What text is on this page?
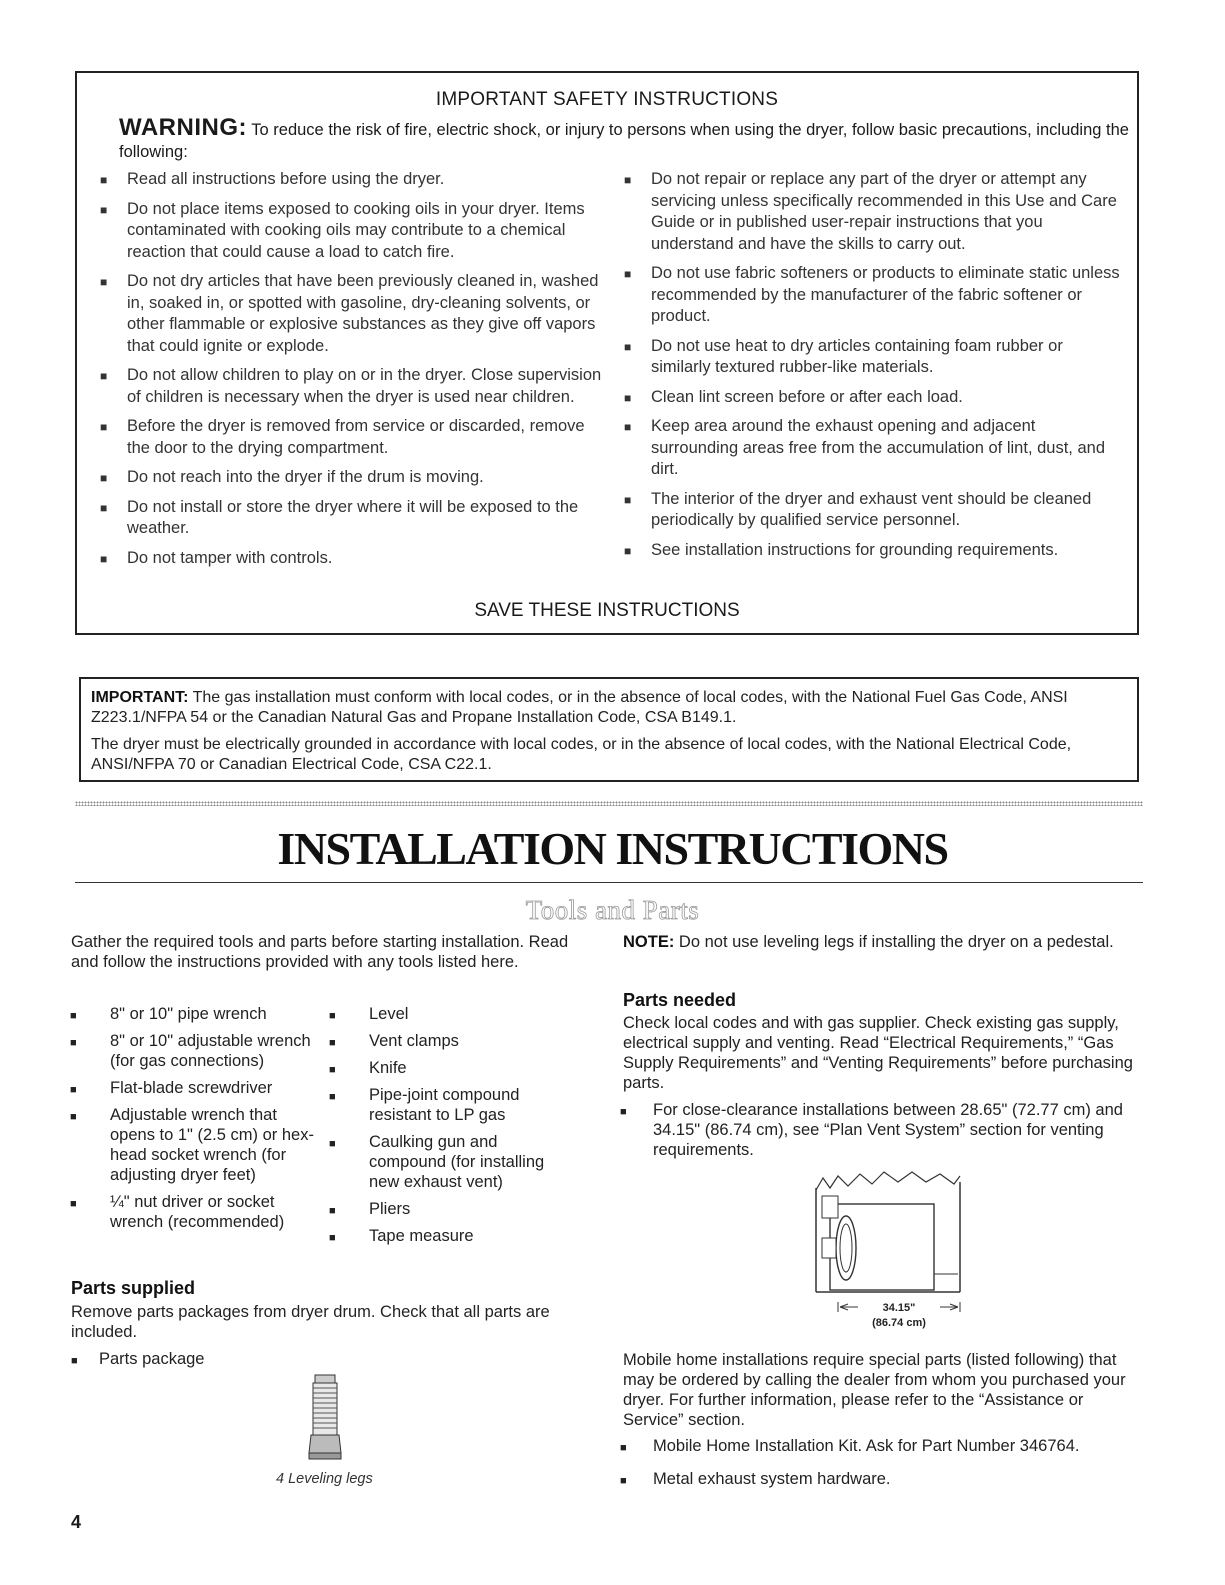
IMPORTANT SAFETY INSTRUCTIONS
WARNING: To reduce the risk of fire, electric shock, or injury to persons when using the dryer, follow basic precautions, including the following:
■ Read all instructions before using the dryer.
■ Do not place items exposed to cooking oils in your dryer. Items contaminated with cooking oils may contribute to a chemical reaction that could cause a load to catch fire.
■ Do not dry articles that have been previously cleaned in, washed in, soaked in, or spotted with gasoline, dry-cleaning solvents, or other flammable or explosive substances as they give off vapors that could ignite or explode.
■ Do not allow children to play on or in the dryer. Close supervision of children is necessary when the dryer is used near children.
■ Before the dryer is removed from service or discarded, remove the door to the drying compartment.
■ Do not reach into the dryer if the drum is moving.
■ Do not install or store the dryer where it will be exposed to the weather.
■ Do not tamper with controls.
■ Do not repair or replace any part of the dryer or attempt any servicing unless specifically recommended in this Use and Care Guide or in published user-repair instructions that you understand and have the skills to carry out.
■ Do not use fabric softeners or products to eliminate static unless recommended by the manufacturer of the fabric softener or product.
■ Do not use heat to dry articles containing foam rubber or similarly textured rubber-like materials.
■ Clean lint screen before or after each load.
■ Keep area around the exhaust opening and adjacent surrounding areas free from the accumulation of lint, dust, and dirt.
■ The interior of the dryer and exhaust vent should be cleaned periodically by qualified service personnel.
■ See installation instructions for grounding requirements.
SAVE THESE INSTRUCTIONS

IMPORTANT: The gas installation must conform with local codes, or in the absence of local codes, with the National Fuel Gas Code, ANSI Z223.1/NFPA 54 or the Canadian Natural Gas and Propane Installation Code, CSA B149.1.

The dryer must be electrically grounded in accordance with local codes, or in the absence of local codes, with the National Electrical Code, ANSI/NFPA 70 or Canadian Electrical Code, CSA C22.1.

INSTALLATION INSTRUCTIONS
Tools and Parts

Gather the required tools and parts before starting installation. Read and follow the instructions provided with any tools listed here.

■ 8" or 10" pipe wrench
■ 8" or 10" adjustable wrench (for gas connections)
■ Flat-blade screwdriver
■ Adjustable wrench that opens to 1" (2.5 cm) or hex-head socket wrench (for adjusting dryer feet)
■ ¼" nut driver or socket wrench (recommended)
■ Level
■ Vent clamps
■ Knife
■ Pipe-joint compound resistant to LP gas
■ Caulking gun and compound (for installing new exhaust vent)
■ Pliers
■ Tape measure
Parts supplied

Remove parts packages from dryer drum. Check that all parts are included.

■ Parts package
4 Leveling legs
4

NOTE: Do not use leveling legs if installing the dryer on a pedestal.

Parts needed

Check local codes and with gas supplier. Check existing gas supply, electrical supply and venting. Read “Electrical Requirements,” “Gas Supply Requirements” and “Venting Requirements” before purchasing parts.

■ For close-clearance installations between 28.65" (72.77 cm) and 34.15" (86.74 cm), see “Plan Vent System” section for venting requirements.
34.15"
(86.74 cm)

Mobile home installations require special parts (listed following) that may be ordered by calling the dealer from whom you purchased your dryer. For further information, please refer to the “Assistance or Service” section.

■ Mobile Home Installation Kit. Ask for Part Number 346764.
■ Metal exhaust system hardware.
